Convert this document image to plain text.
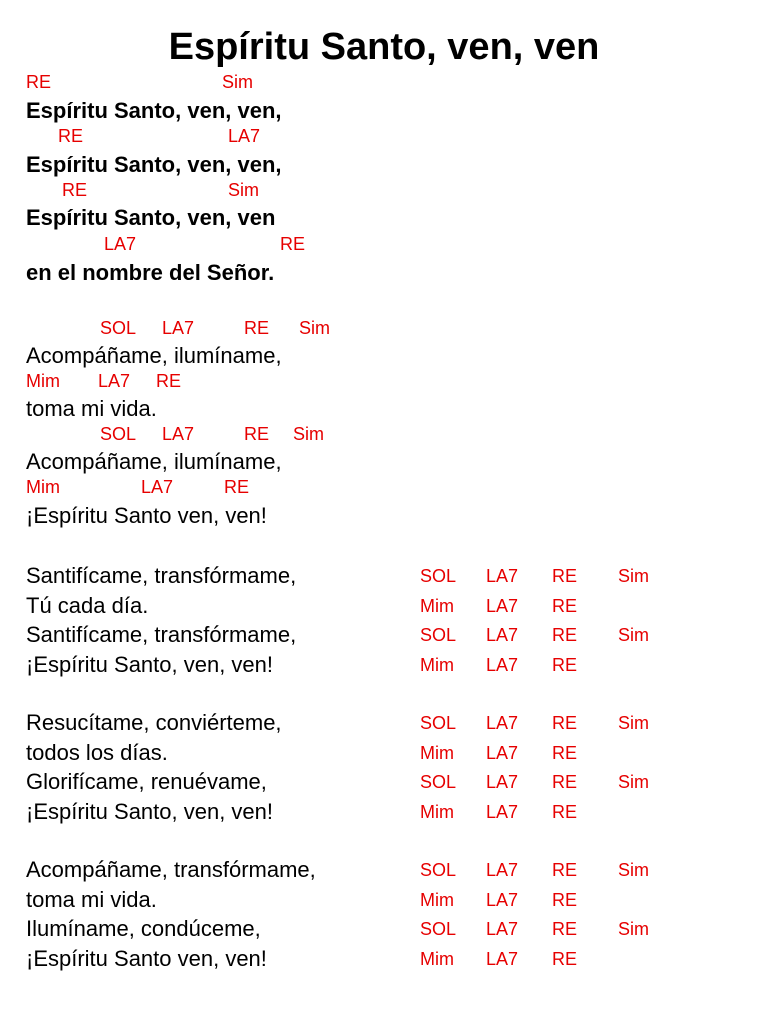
Espíritu Santo, ven, ven
RE	Sim
Espíritu Santo, ven, ven,
RE	LA7
Espíritu Santo, ven, ven,
RE	Sim
Espíritu Santo, ven, ven
LA7	RE
en el nombre del Señor.
SOL LA7	RE Sim
Acompáñame, ilumíname,
Mim LA7 RE
toma mi vida.
SOL LA7	RE Sim
Acompáñame, ilumíname,
Mim	LA7	RE
¡Espíritu Santo ven, ven!
Santifícame, transfórmame,	SOL LA7 RE Sim
Tú cada día.	Mim LA7 RE
Santifícame, transfórmame,	SOL LA7 RE Sim
¡Espíritu Santo, ven, ven!	Mim LA7 RE
Resucítame, conviérteme,	SOL LA7 RE Sim
todos los días.	Mim LA7 RE
Glorifícame, renuévame,	SOL LA7 RE Sim
¡Espíritu Santo, ven, ven!	Mim LA7 RE
Acompáñame, transfórmame,	SOL LA7 RE Sim
toma mi vida.	Mim LA7 RE
Ilumíname, condúceme,	SOL LA7 RE Sim
¡Espíritu Santo ven, ven!	Mim LA7 RE
